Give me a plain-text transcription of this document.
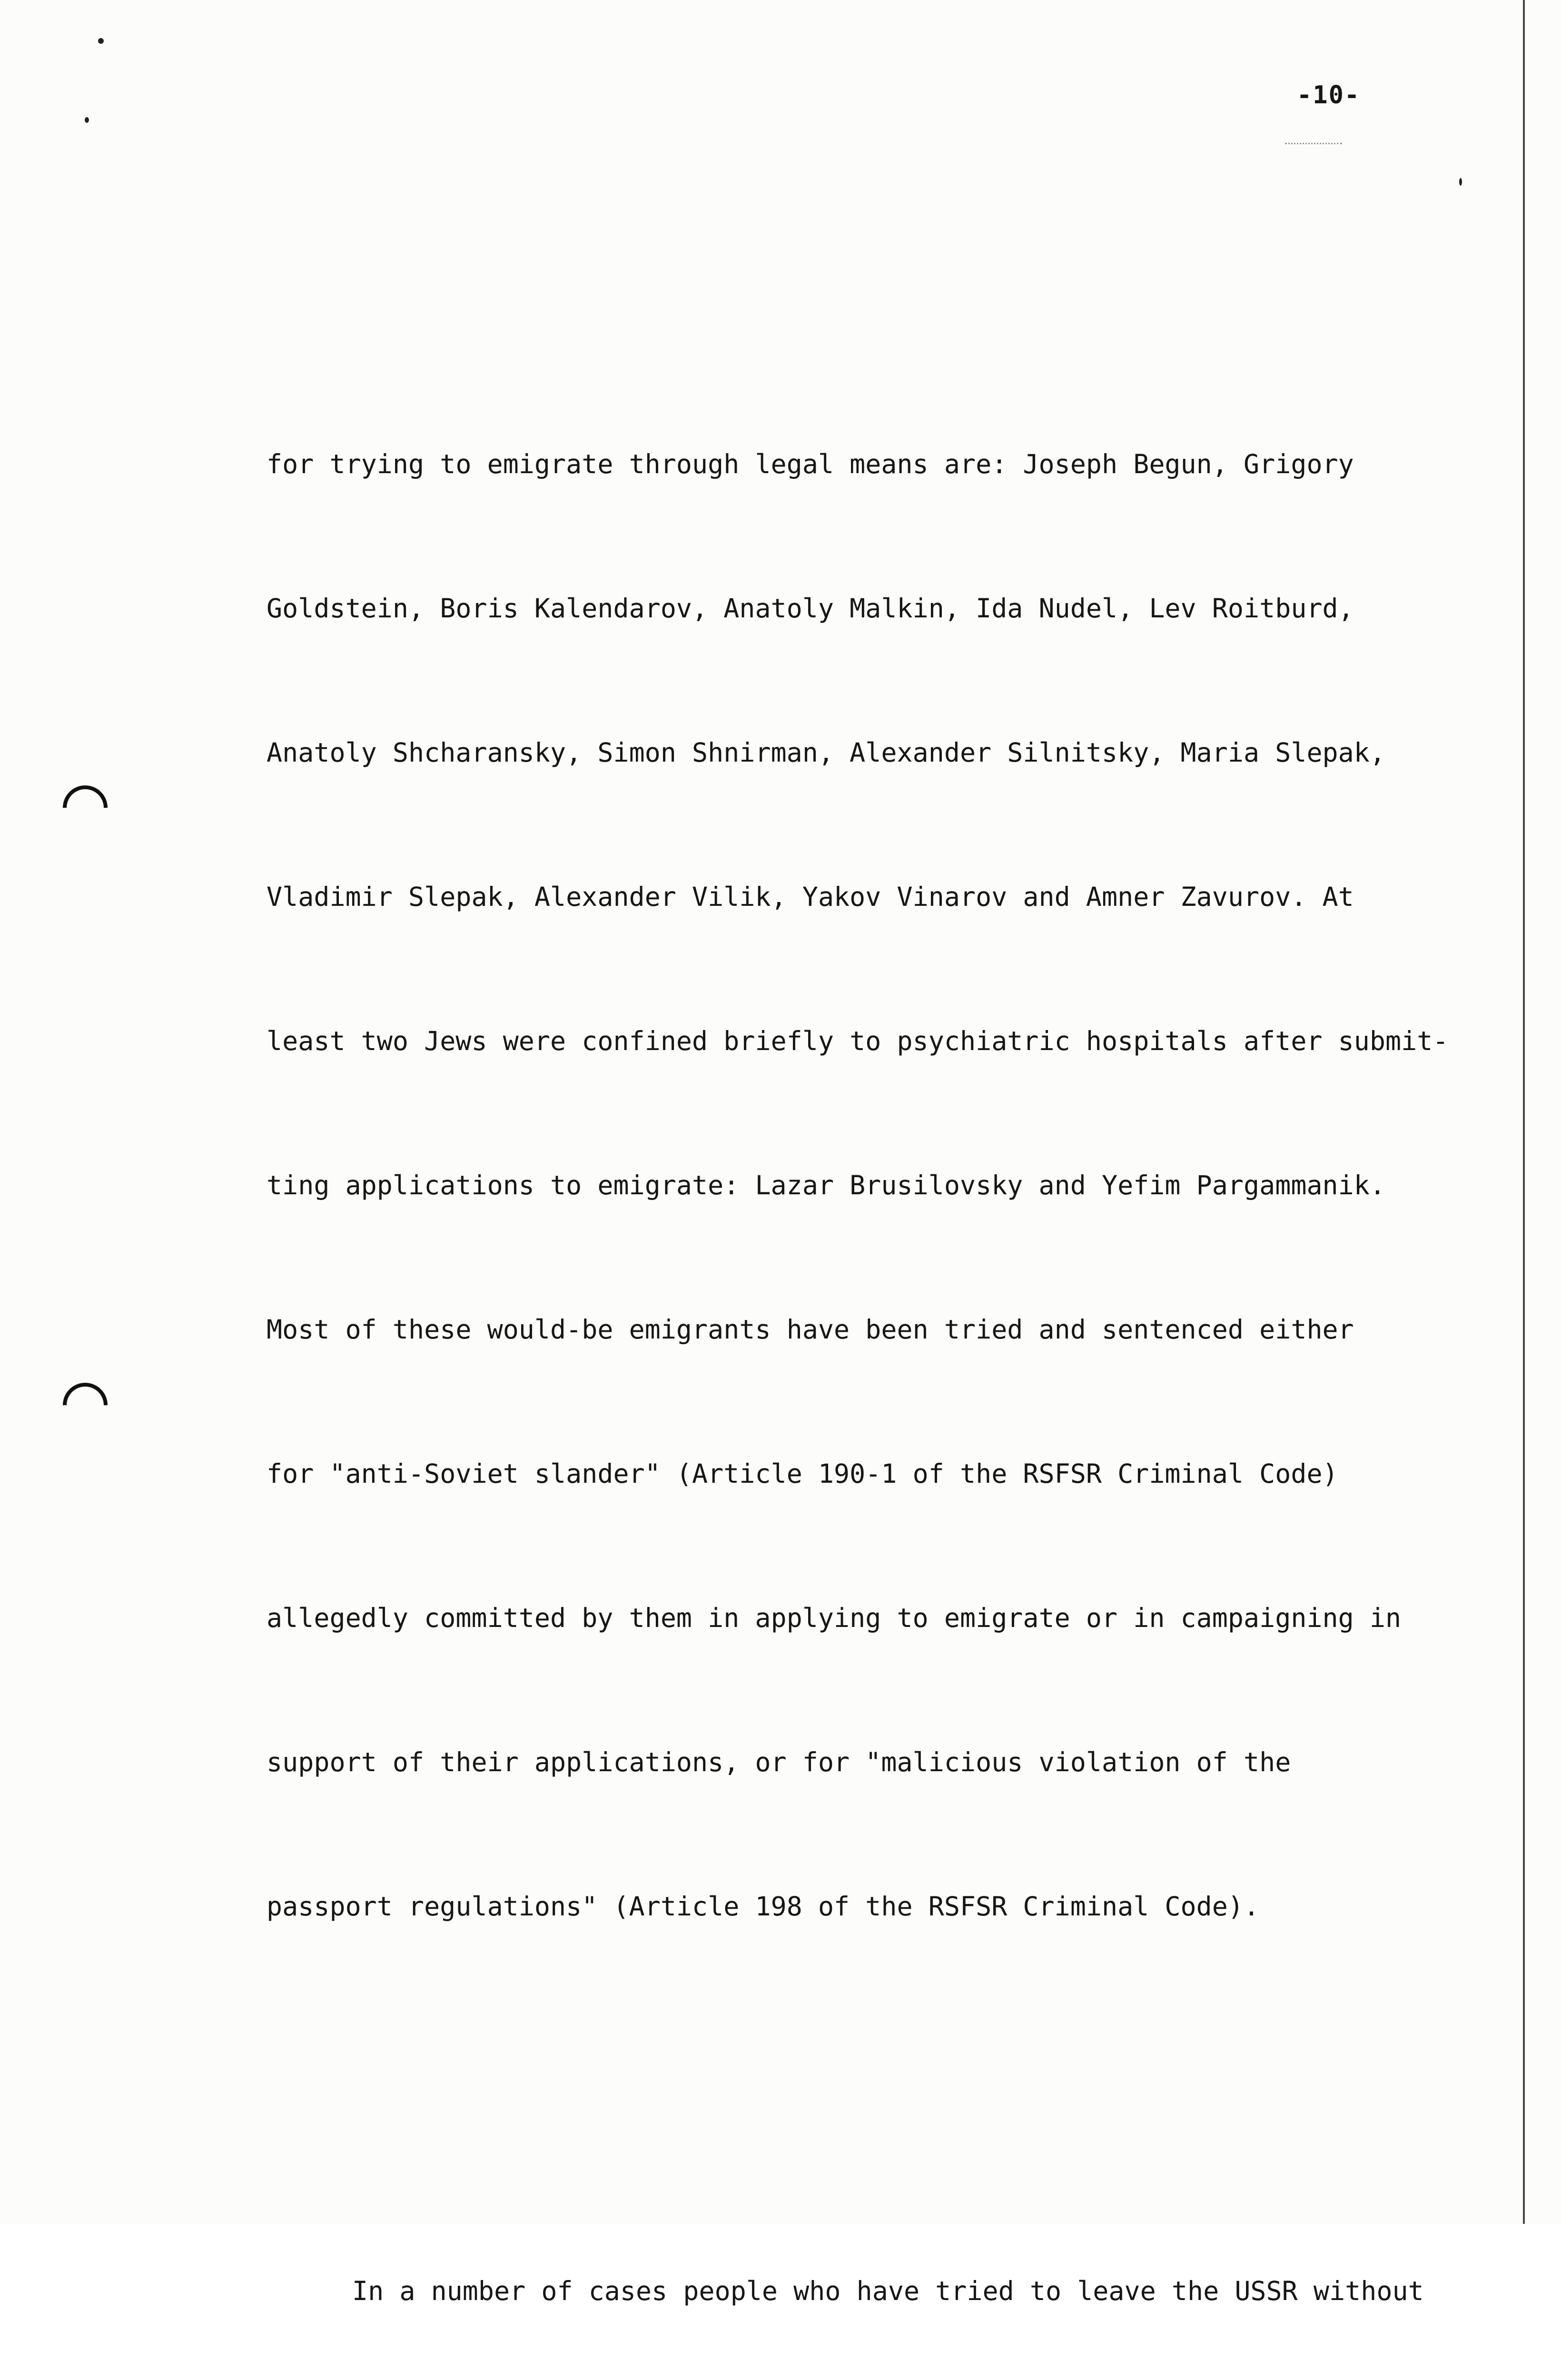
-10-

for trying to emigrate through legal means are: Joseph Begun, Grigory

Goldstein, Boris Kalendarov, Anatoly Malkin, Ida Nudel, Lev Roitburd,

Anatoly Shcharansky, Simon Shnirman, Alexander Silnitsky, Maria Slepak,

Vladimir Slepak, Alexander Vilik, Yakov Vinarov and Amner Zavurov. At

least two Jews were confined briefly to psychiatric hospitals after submit-

ting applications to emigrate: Lazar Brusilovsky and Yefim Pargammanik.

Most of these would-be emigrants have been tried and sentenced either

for "anti-Soviet slander" (Article 190-1 of the RSFSR Criminal Code)

allegedly committed by them in applying to emigrate or in campaigning in

support of their applications, or for "malicious violation of the

passport regulations" (Article 198 of the RSFSR Criminal Code).

In a number of cases people who have tried to leave the USSR without
